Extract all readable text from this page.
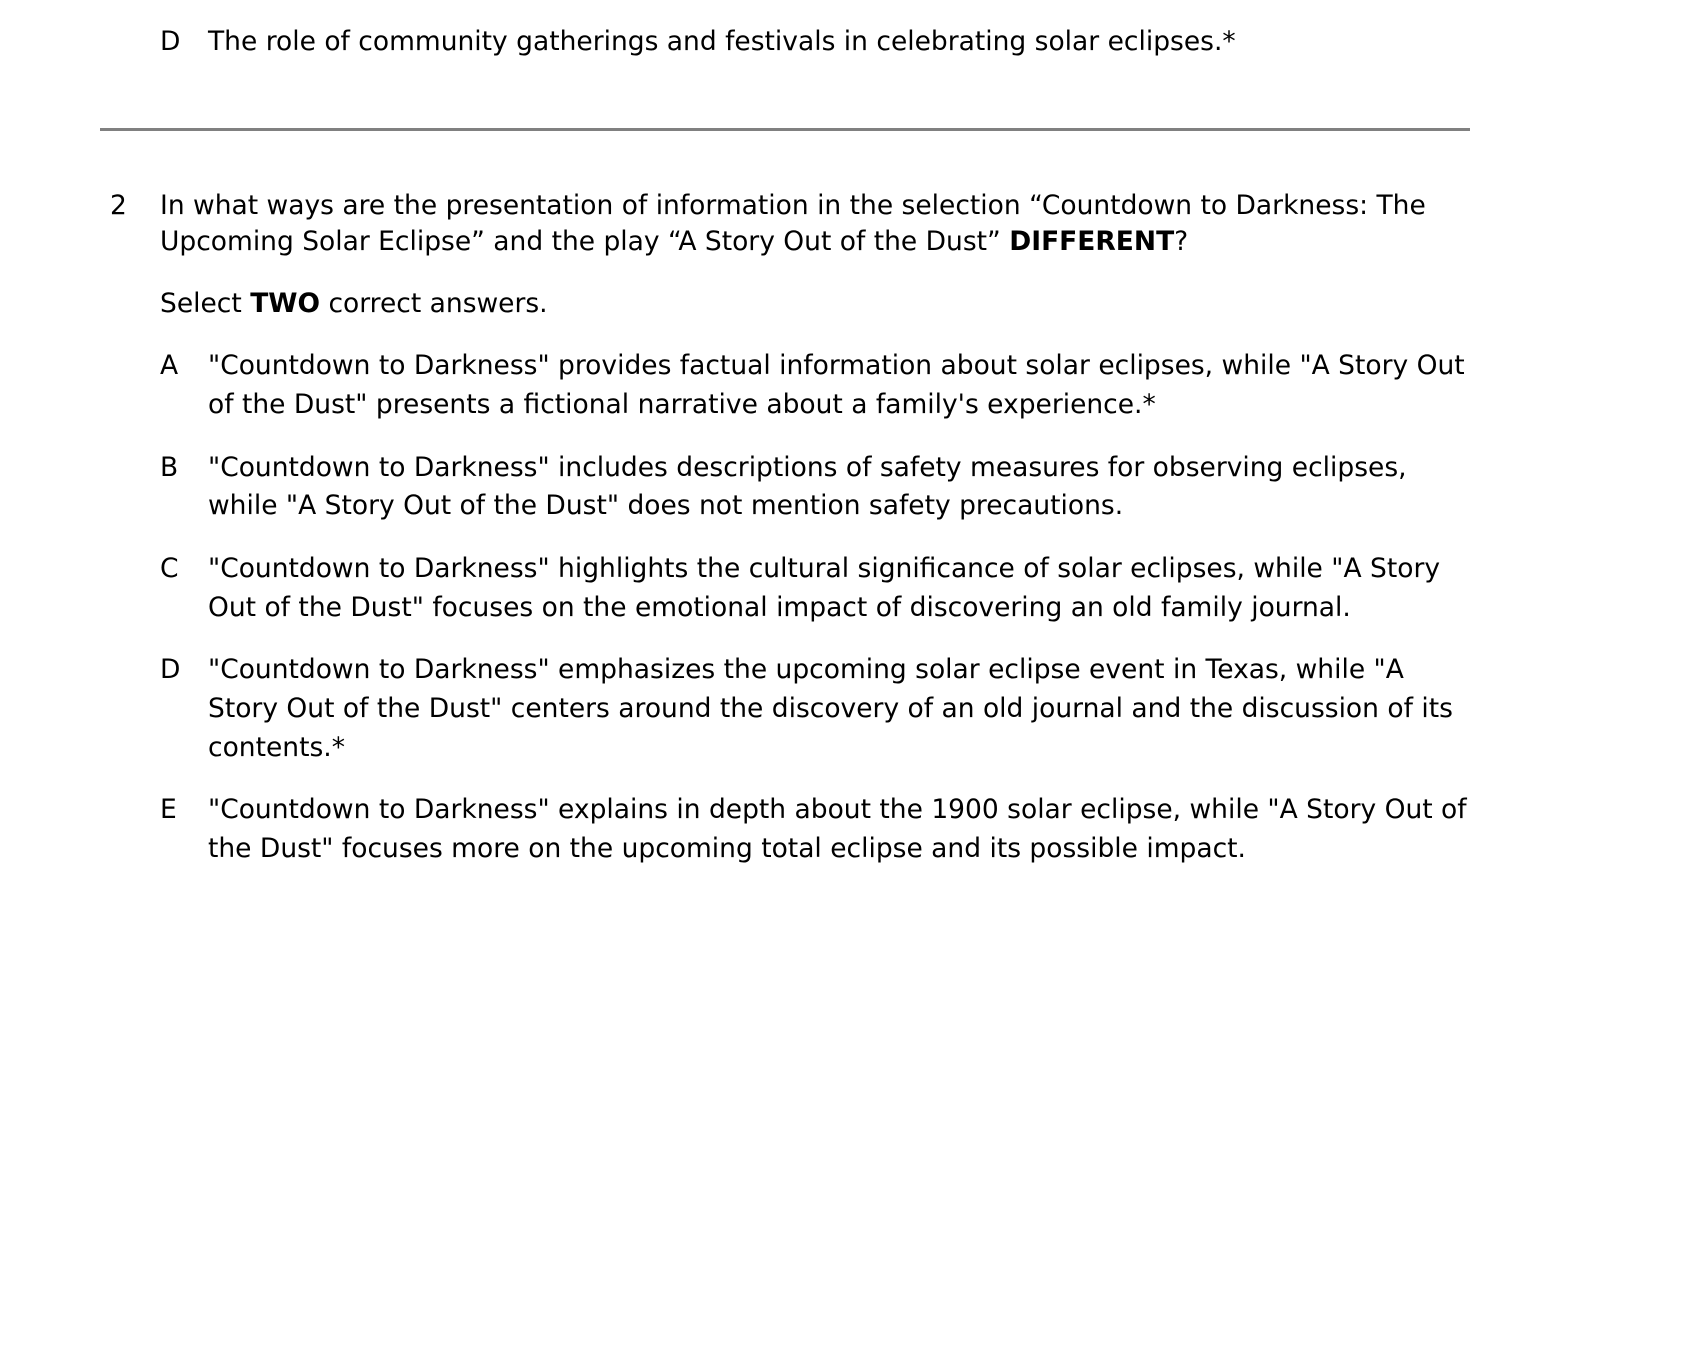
D	The role of community gatherings and festivals in celebrating solar eclipses.*
2	In what ways are the presentation of information in the selection “Countdown to Darkness: The Upcoming Solar Eclipse” and the play “A Story Out of the Dust” DIFFERENT?
Select TWO correct answers.
A	"Countdown to Darkness" provides factual information about solar eclipses, while "A Story Out of the Dust" presents a fictional narrative about a family's experience.*
B	"Countdown to Darkness" includes descriptions of safety measures for observing eclipses, while "A Story Out of the Dust" does not mention safety precautions.
C	"Countdown to Darkness" highlights the cultural significance of solar eclipses, while "A Story Out of the Dust" focuses on the emotional impact of discovering an old family journal.
D	"Countdown to Darkness" emphasizes the upcoming solar eclipse event in Texas, while "A Story Out of the Dust" centers around the discovery of an old journal and the discussion of its contents.*
E	"Countdown to Darkness" explains in depth about the 1900 solar eclipse, while "A Story Out of the Dust" focuses more on the upcoming total eclipse and its possible impact.
